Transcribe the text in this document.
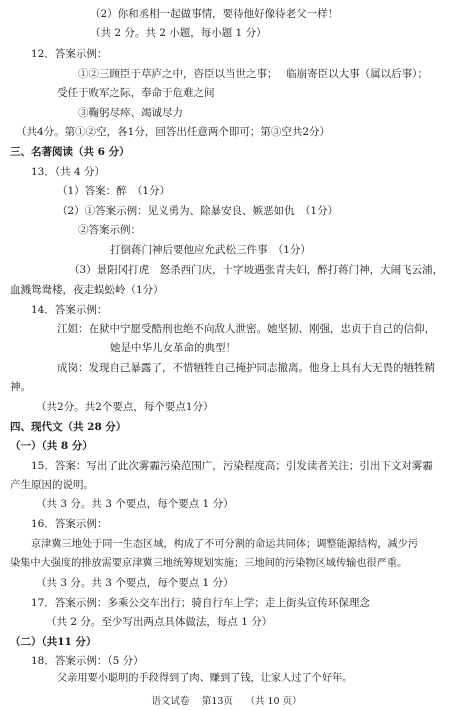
（2）你和丞相一起做事情，要待他好像待老父一样！
（共 2 分。共 2 小题，每小题 1 分）
12．答案示例：
①②三顾臣于草庐之中，咨臣以当世之事；　 临崩寄臣以大事（属以后事）；
受任于败军之际，奉命于危难之间
③鞠躬尽瘁、竭诚尽力
（共4分。第①②空，各1分，回答出任意两个即可；第③空共2分）
三、名著阅读（共 6 分）
13．（共 4 分）
（1）答案：醉　（1分）
（2）①答案示例：见义勇为、除暴安良、嫉恶如仇　（1分）
②答案示例：
打倒蒋门神后要他应允武松三件事　（1分）
（3）景阳冈打虎　怒杀西门庆，十字坡遇张青夫妇，醉打蒋门神，大闹飞云浦，
血溅鸳鸯楼，夜走蜈蚣岭（1分）
14．答案示例：
江姐：在狱中宁愿受酷刑也绝不向敌人泄密。她坚韧、刚强，忠贞于自己的信仰，
她是中华儿女革命的典型！
成岗：发现自己暴露了，不惜牺牲自己掩护同志撤离。他身上具有大无畏的牺牲精
神。
（共2分。共2个要点，每个要点1分）
四、现代文（共 28 分）
（一）（共 8 分）
15．答案：写出了此次雾霾污染范围广，污染程度高；引发读者关注；引出下文对雾霾
产生原因的说明。
（共 3 分。共 3 个要点，每个要点 1 分）
16．答案示例：
京津冀三地处于同一生态区域，构成了不可分割的命运共同体；调整能源结构，减少污
染集中大强度的排放需要京津冀三地统筹规划实施；三地间的污染物区域传输也很严重。
（共 3 分。共 3 个要点，每个要点 1 分）
17．答案示例：多乘公交车出行；骑自行车上学；走上街头宣传环保理念
（共 2 分。至少写出两点具体做法，每点 1 分）
（二）（共11 分）
18．答案示例：（5 分）
父亲用要小聪明的手段得到了肉、赚到了钱，让家人过了个好年。
语文试卷　 第13页　 （共 10 页）
